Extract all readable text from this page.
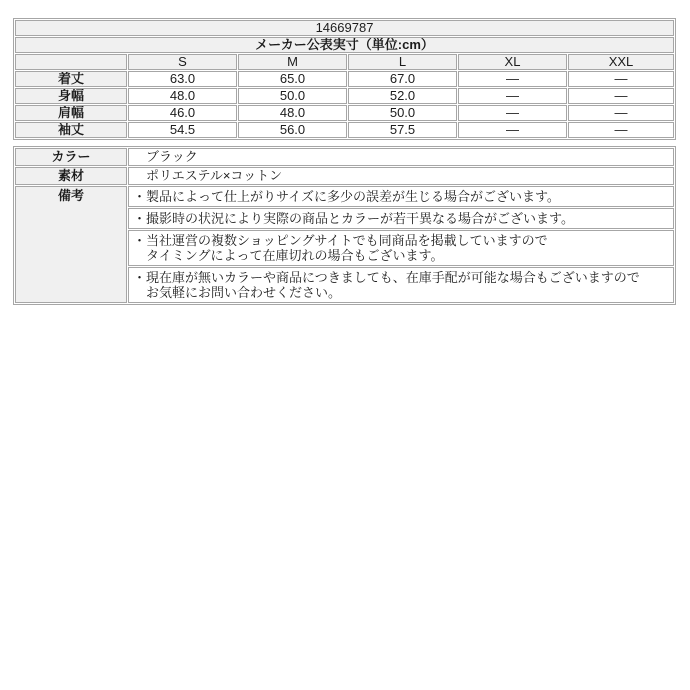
14669787					
メーカー公表実寸（単位:cm）					
	S	M	L	XL	XXL
着丈	63.0	65.0	67.0	—	—
身幅	48.0	50.0	52.0	—	—
肩幅	46.0	48.0	50.0	—	—
袖丈	54.5	56.0	57.5	—	—
カラー	ブラック
素材	ポリエステル×コットン
備考	・製品によって仕上がりサイズに多少の誤差が生じる場合がございます。

	・撮影時の状況により実際の商品とカラーが若干異なる場合がございます。

	・当社運営の複数ショッピングサイトでも同商品を掲載していますので
タイミングによって在庫切れの場合もございます。

	・現在庫が無いカラーや商品につきましても、在庫手配が可能な場合もございますので
お気軽にお問い合わせください。
